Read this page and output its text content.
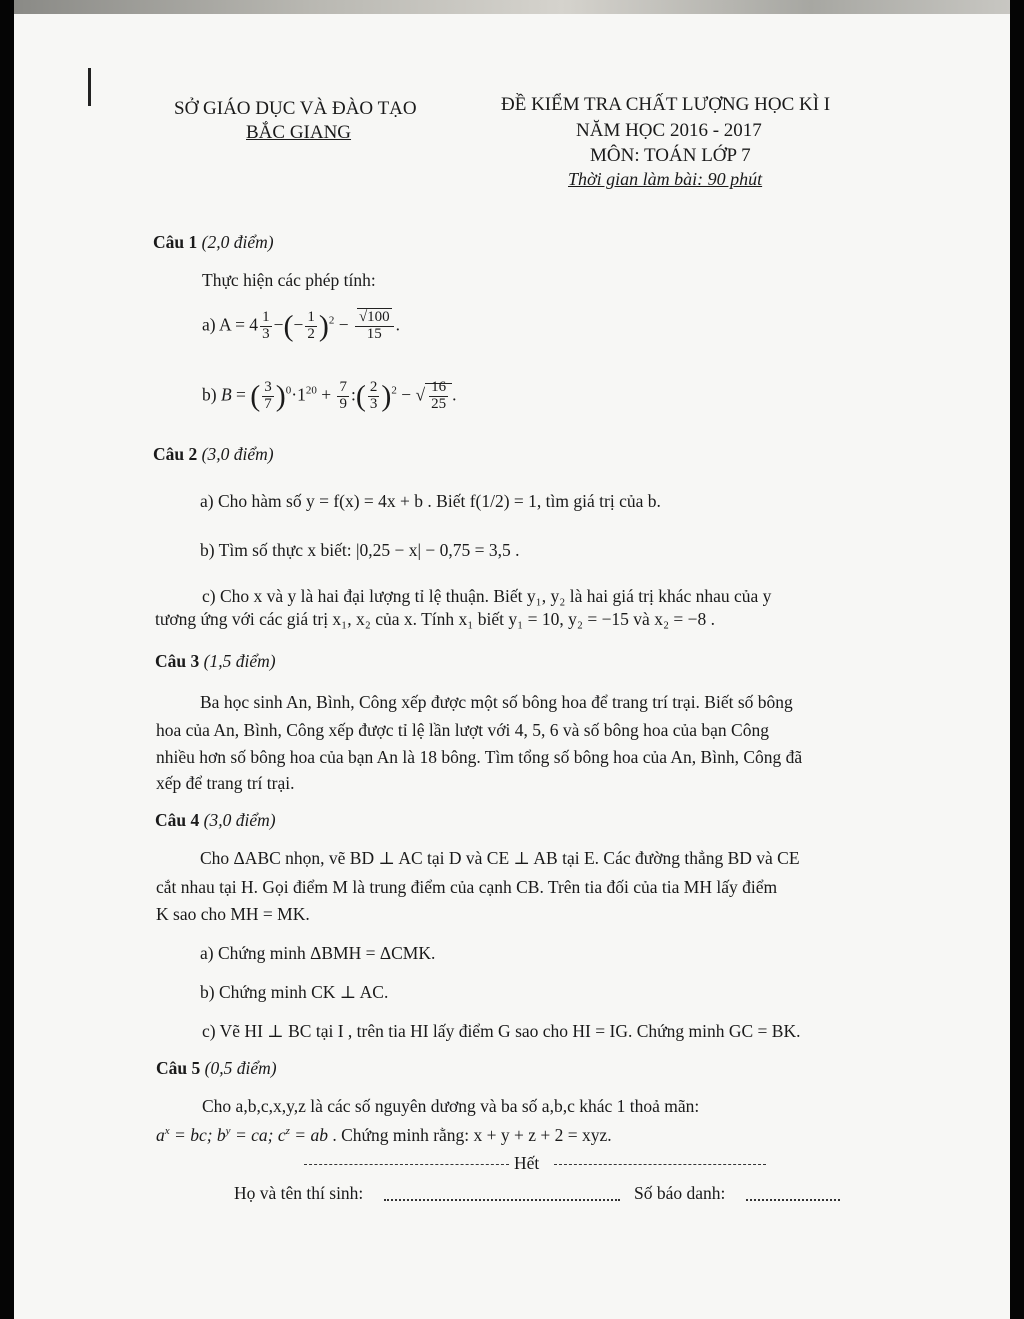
SỞ GIÁO DỤC VÀ ĐÀO TẠO
BẮC GIANG
ĐỀ KIỂM TRA CHẤT LƯỢNG HỌC KÌ I
NĂM HỌC 2016 - 2017
MÔN: TOÁN LỚP 7
Thời gian làm bài: 90 phút
Câu 1 (2,0 điểm)
Thực hiện các phép tính:
a) $A = 4 \frac{1}{3}$ −(− $\frac{1}{2} )^2 - \frac{√100}{15}$ .
b) B = ( $\frac{3}{7} )^0\cdot 1^{20} + \frac{7}{9}$ :( $\frac{2}{3} )^2$ − √ $\frac{16}{25}$ .
Câu 2 (3,0 điểm)
a) Cho hàm số y = f(x) = 4x + b . Biết f(1/2) = 1, tìm giá trị của b.
b) Tìm số thực x biết: |0,25 − x| − 0,75 = 3,5 .
c) Cho x và y là hai đại lượng tỉ lệ thuận. Biết y₁, y₂ là hai giá trị khác nhau của y
tương ứng với các giá trị x₁, x₂ của x. Tính x₁ biết y₁ = 10, y₂ = −15 và x₂ = −8 .
Câu 3 (1,5 điểm)
Ba học sinh An, Bình, Công xếp được một số bông hoa để trang trí trại. Biết số bông
hoa của An, Bình, Công xếp được tỉ lệ lần lượt với 4, 5, 6 và số bông hoa của bạn Công
nhiều hơn số bông hoa của bạn An là 18 bông. Tìm tổng số bông hoa của An, Bình, Công đã
xếp để trang trí trại.
Câu 4 (3,0 điểm)
Cho ΔABC nhọn, vẽ BD ⊥ AC tại D và CE ⊥ AB tại E. Các đường thẳng BD và CE
cắt nhau tại H. Gọi điểm M là trung điểm của cạnh CB. Trên tia đối của tia MH lấy điểm
K sao cho MH = MK.
a) Chứng minh ΔBMH = ΔCMK.
b) Chứng minh CK ⊥ AC.
c) Vẽ HI ⊥ BC tại I , trên tia HI lấy điểm G sao cho HI = IG. Chứng minh GC = BK.
Câu 5 (0,5 điểm)
Cho a,b,c,x,y,z là các số nguyên dương và ba số a,b,c khác 1 thoả mãn:
$a^x$ = bc; $b^y$ = ca; $c^z$ = ab . Chứng minh rằng: x + y + z + 2 = xyz.
Hết
Họ và tên thí sinh:	Số báo danh:
